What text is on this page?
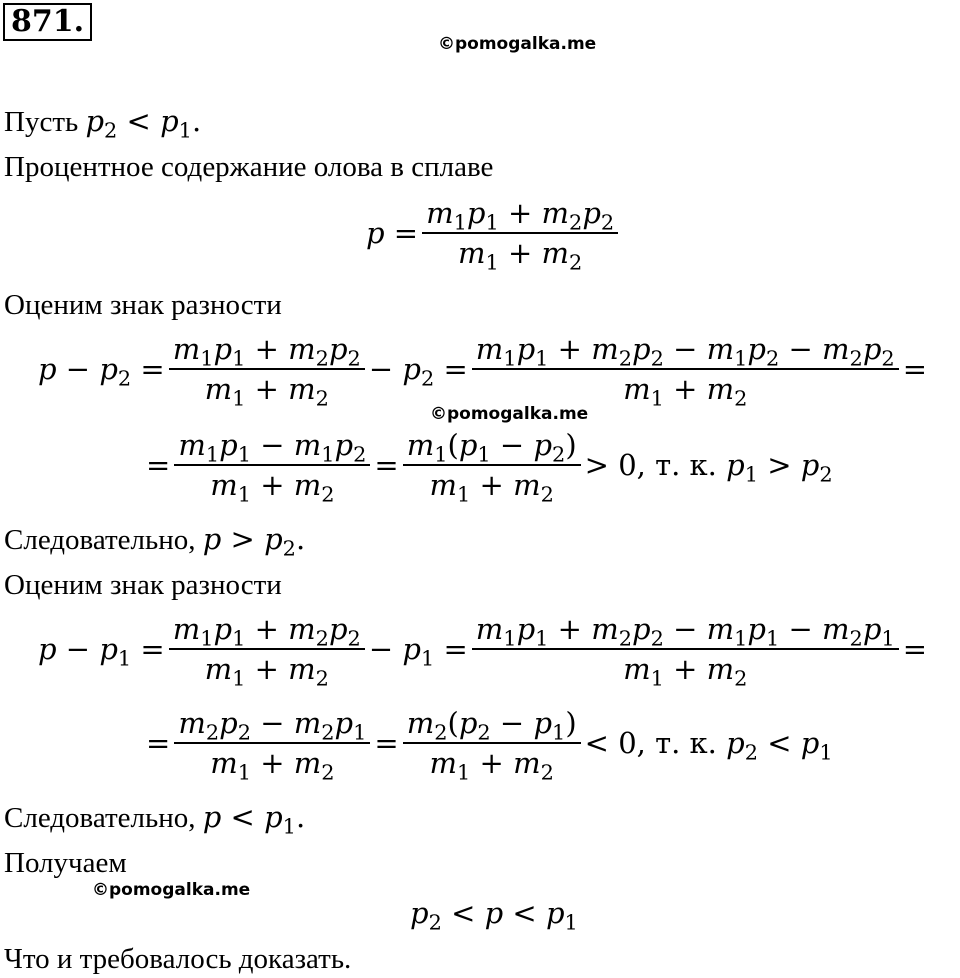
871.
©pomogalka.me
Пусть $p_2 < p_1$.
Процентное содержание олова в сплаве
$p = \frac{m_1p_1 + m_2p_2}{m_1 + m_2}$
Оценим знак разности
$p - p_2 = \frac{m_1p_1 + m_2p_2}{m_1 + m_2} - p_2 = \frac{m_1p_1 + m_2p_2 - m_1p_2 - m_2p_2}{m_1 + m_2}$ =
©pomogalka.me
= $\frac{m_1p_1 - m_1p_2}{m_1 + m_2} = \frac{m_1(p_1 - p_2)}{m_1 + m_2} > 0$, т. к. $p_1 > p_2$
Следовательно, $p > p_2$.
Оценим знак разности
$p - p_1 = \frac{m_1p_1 + m_2p_2}{m_1 + m_2} - p_1 = \frac{m_1p_1 + m_2p_2 - m_1p_1 - m_2p_1}{m_1 + m_2}$ =
= $\frac{m_2p_2 - m_2p_1}{m_1 + m_2} = \frac{m_2(p_2 - p_1)}{m_1 + m_2} < 0$, т. к. $p_2 < p_1$
Следовательно, $p < p_1$.
Получаем
©pomogalka.me
$p_2 < p < p_1$
Что и требовалось доказать.
